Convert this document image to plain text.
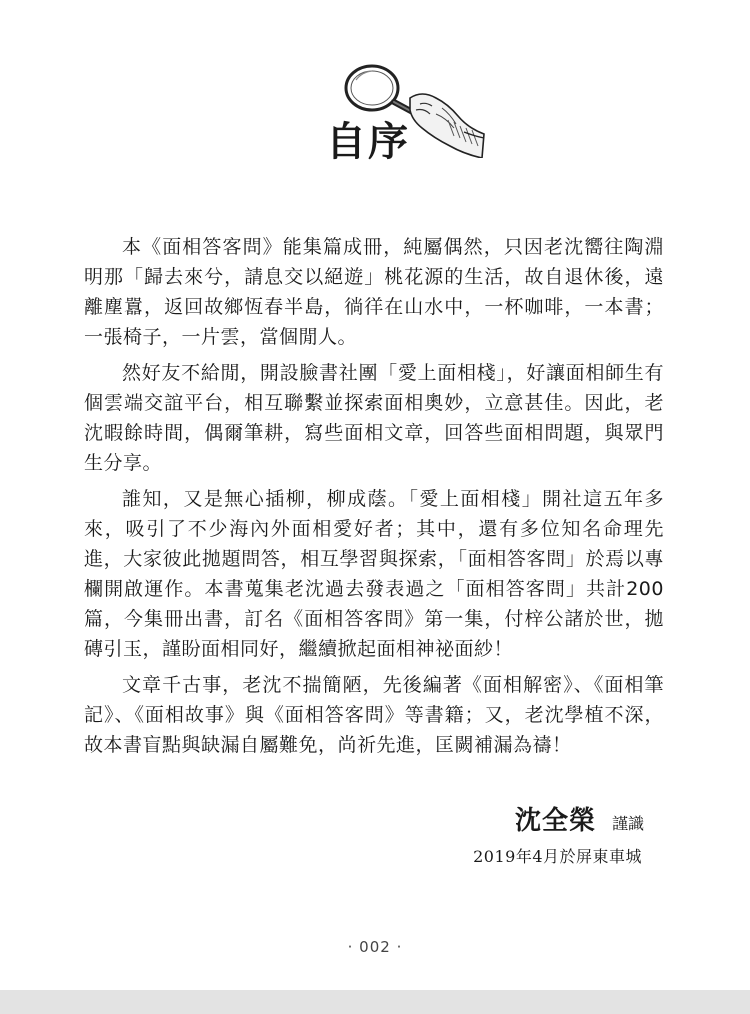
自序

本《面相答客問》能集篇成冊，純屬偶然，只因老沈嚮往陶淵明那「歸去來兮，請息交以絕遊」桃花源的生活，故自退休後，遠離塵囂，返回故鄉恆春半島，徜徉在山水中，一杯咖啡，一本書；一張椅子，一片雲，當個閒人。

然好友不給閒，開設臉書社團「愛上面相棧」，好讓面相師生有個雲端交誼平台，相互聯繫並探索面相奧妙，立意甚佳。因此，老沈暇餘時間，偶爾筆耕，寫些面相文章，回答些面相問題，與眾門生分享。

誰知，又是無心插柳，柳成蔭。「愛上面相棧」開社這五年多來，吸引了不少海內外面相愛好者；其中，還有多位知名命理先進，大家彼此拋題問答，相互學習與探索，「面相答客問」於焉以專欄開啟運作。本書蒐集老沈過去發表過之「面相答客問」共計200篇，今集冊出書，訂名《面相答客問》第一集，付梓公諸於世，拋磚引玉，謹盼面相同好，繼續掀起面相神祕面紗！

文章千古事，老沈不揣簡陋，先後編著《面相解密》、《面相筆記》、《面相故事》與《面相答客問》等書籍；又，老沈學植不深，故本書盲點與缺漏自屬難免，尚祈先進，匡闕補漏為禱！

沈全榮 謹識
2019年4月於屏東車城
· 002 ·
